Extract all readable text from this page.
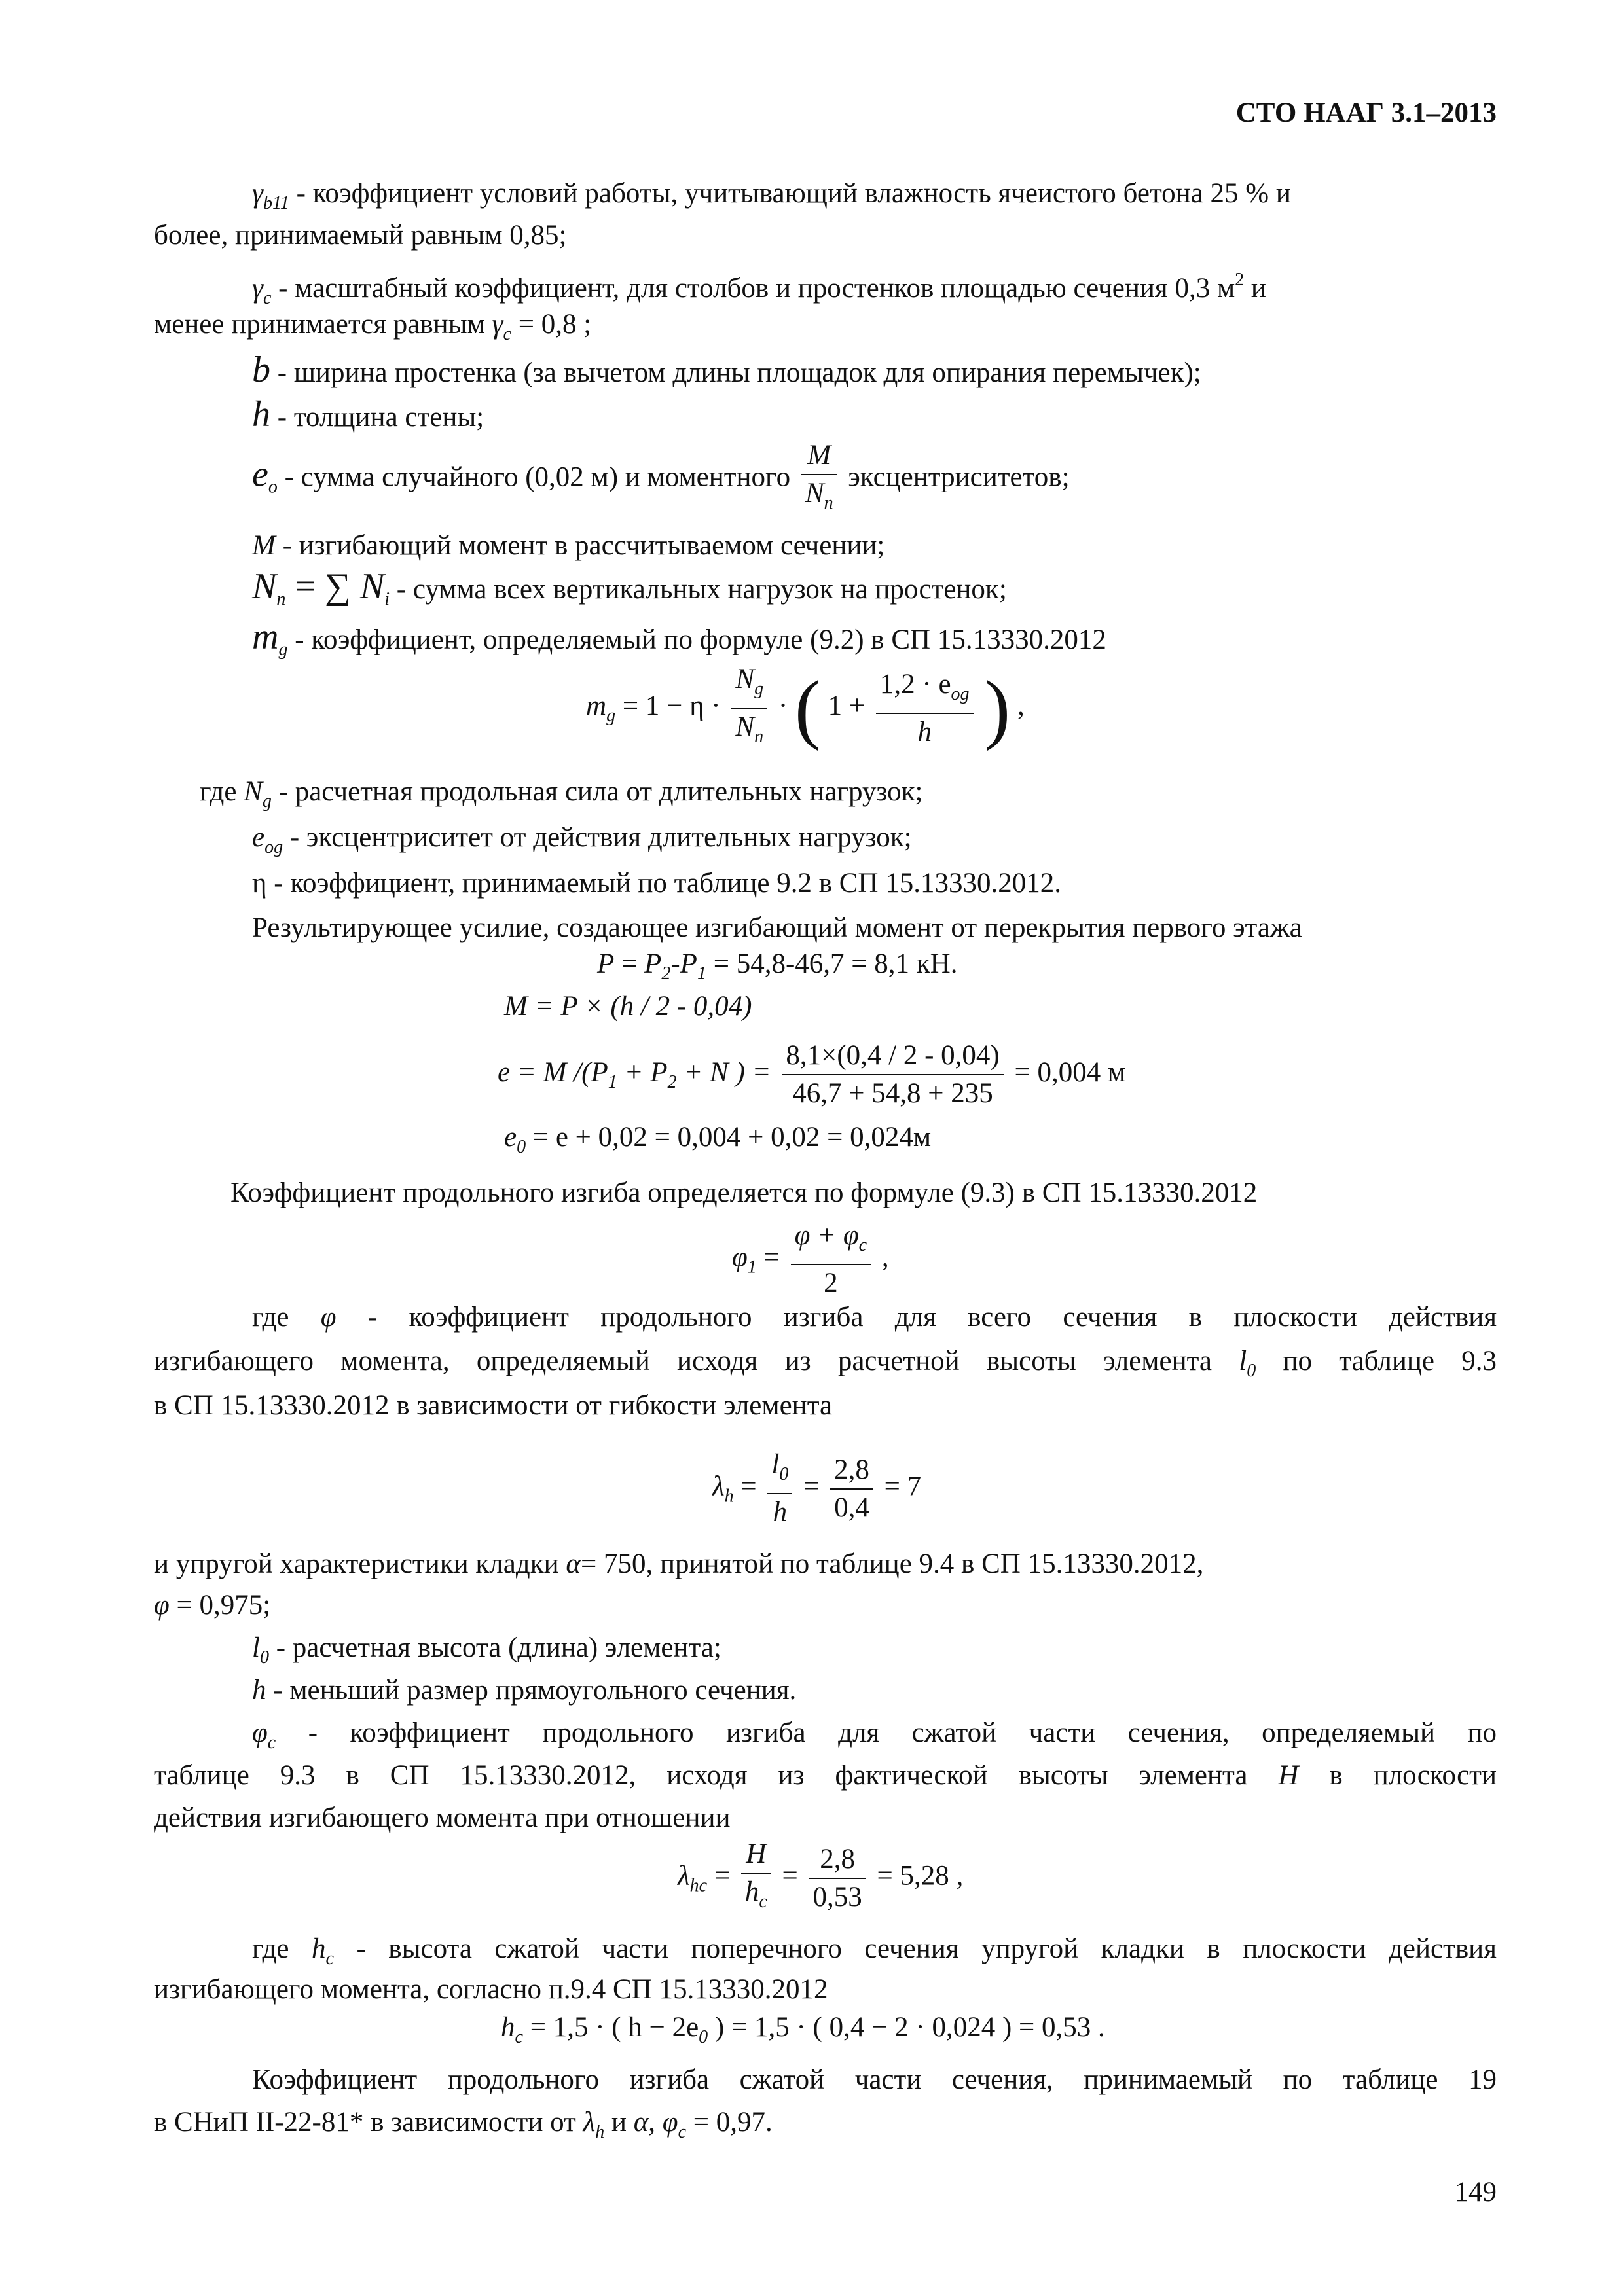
СТО НААГ 3.1–2013
$\gamma_{b11}$ - коэффициент условий работы, учитывающий влажность ячеистого бетона 25 % и
более, принимаемый равным 0,85;
$\gamma_c$ - масштабный коэффициент, для столбов и простенков площадью сечения 0,3 $м^2$ и
менее принимается равным $\gamma_c = 0,8$ ;
b - ширина простенка (за вычетом длины площадок для опирания перемычек);
h - толщина стены;
$e_o$ - сумма случайного (0,02 м) и моментного $\frac{M}{N_n}$ эксцентриситетов;
M - изгибающий момент в рассчитываемом сечении;
$N_n$ = ∑ $N_i$ - сумма всех вертикальных нагрузок на простенок;
$m_g$ - коэффициент, определяемый по формуле (9.2) в СП 15.13330.2012
$m_g = 1 - \eta \cdot \frac{N_g}{N_n}$ · ( $1 + \frac{1,2 \cdot e_{og}}{h}$ ) ,
где $N_g$ - расчетная продольная сила от длительных нагрузок;
$e_{og}$ - эксцентриситет от действия длительных нагрузок;
η - коэффициент, принимаемый по таблице 9.2 в СП 15.13330.2012.
Результирующее усилие, создающее изгибающий момент от перекрытия первого этажа
$P = P_2-P_1 = 54,8-46,7 = 8,1$ кН.
M = P × (h / 2 - 0,04)
e = M $/(P_1 + P_2 + N$ ) = $\frac{8,1\times(0,4 / 2 - 0,04)}{46,7 + 54,8 + 235} = 0,004$ м
$e_0 = e + 0,02 = 0,004 + 0,02 = 0,024м$
Коэффициент продольного изгиба определяется по формуле (9.3) в СП 15.13330.2012
$\varphi_1 = \frac{\varphi + \varphi_c}{2}$ ,
где φ - коэффициент продольного изгиба для всего сечения в плоскости действия
изгибающего момента, определяемый исходя из расчетной высоты элемента $l_0$ по таблице 9.3
в СП 15.13330.2012 в зависимости от гибкости элемента
$\lambda_h = \frac{l_0}{h} = \frac{2,8}{0,4} = 7$
и упругой характеристики кладки α= 750, принятой по таблице 9.4 в СП 15.13330.2012,
φ = 0,975;
$l_0$ - расчетная высота (длина) элемента;
h - меньший размер прямоугольного сечения.
$\varphi_c$ - коэффициент продольного изгиба для сжатой части сечения, определяемый по
таблице 9.3 в СП 15.13330.2012, исходя из фактической высоты элемента H в плоскости
действия изгибающего момента при отношении
$\lambda_{hc} = \frac{H}{h_c} = \frac{2,8}{0,53} = 5,28$ ,
где $h_c$ - высота сжатой части поперечного сечения упругой кладки в плоскости действия
изгибающего момента, согласно п.9.4 СП 15.13330.2012
$h_c = 1,5$ · ( $h - 2e_0$ ) = 1,5 · ( 0,4 − 2 · 0,024 ) = 0,53 .
Коэффициент продольного изгиба сжатой части сечения, принимаемый по таблице 19
в СНиП II-22-81* в зависимости от $\lambda_h$ и α, $\varphi_c = 0,97$.
149
